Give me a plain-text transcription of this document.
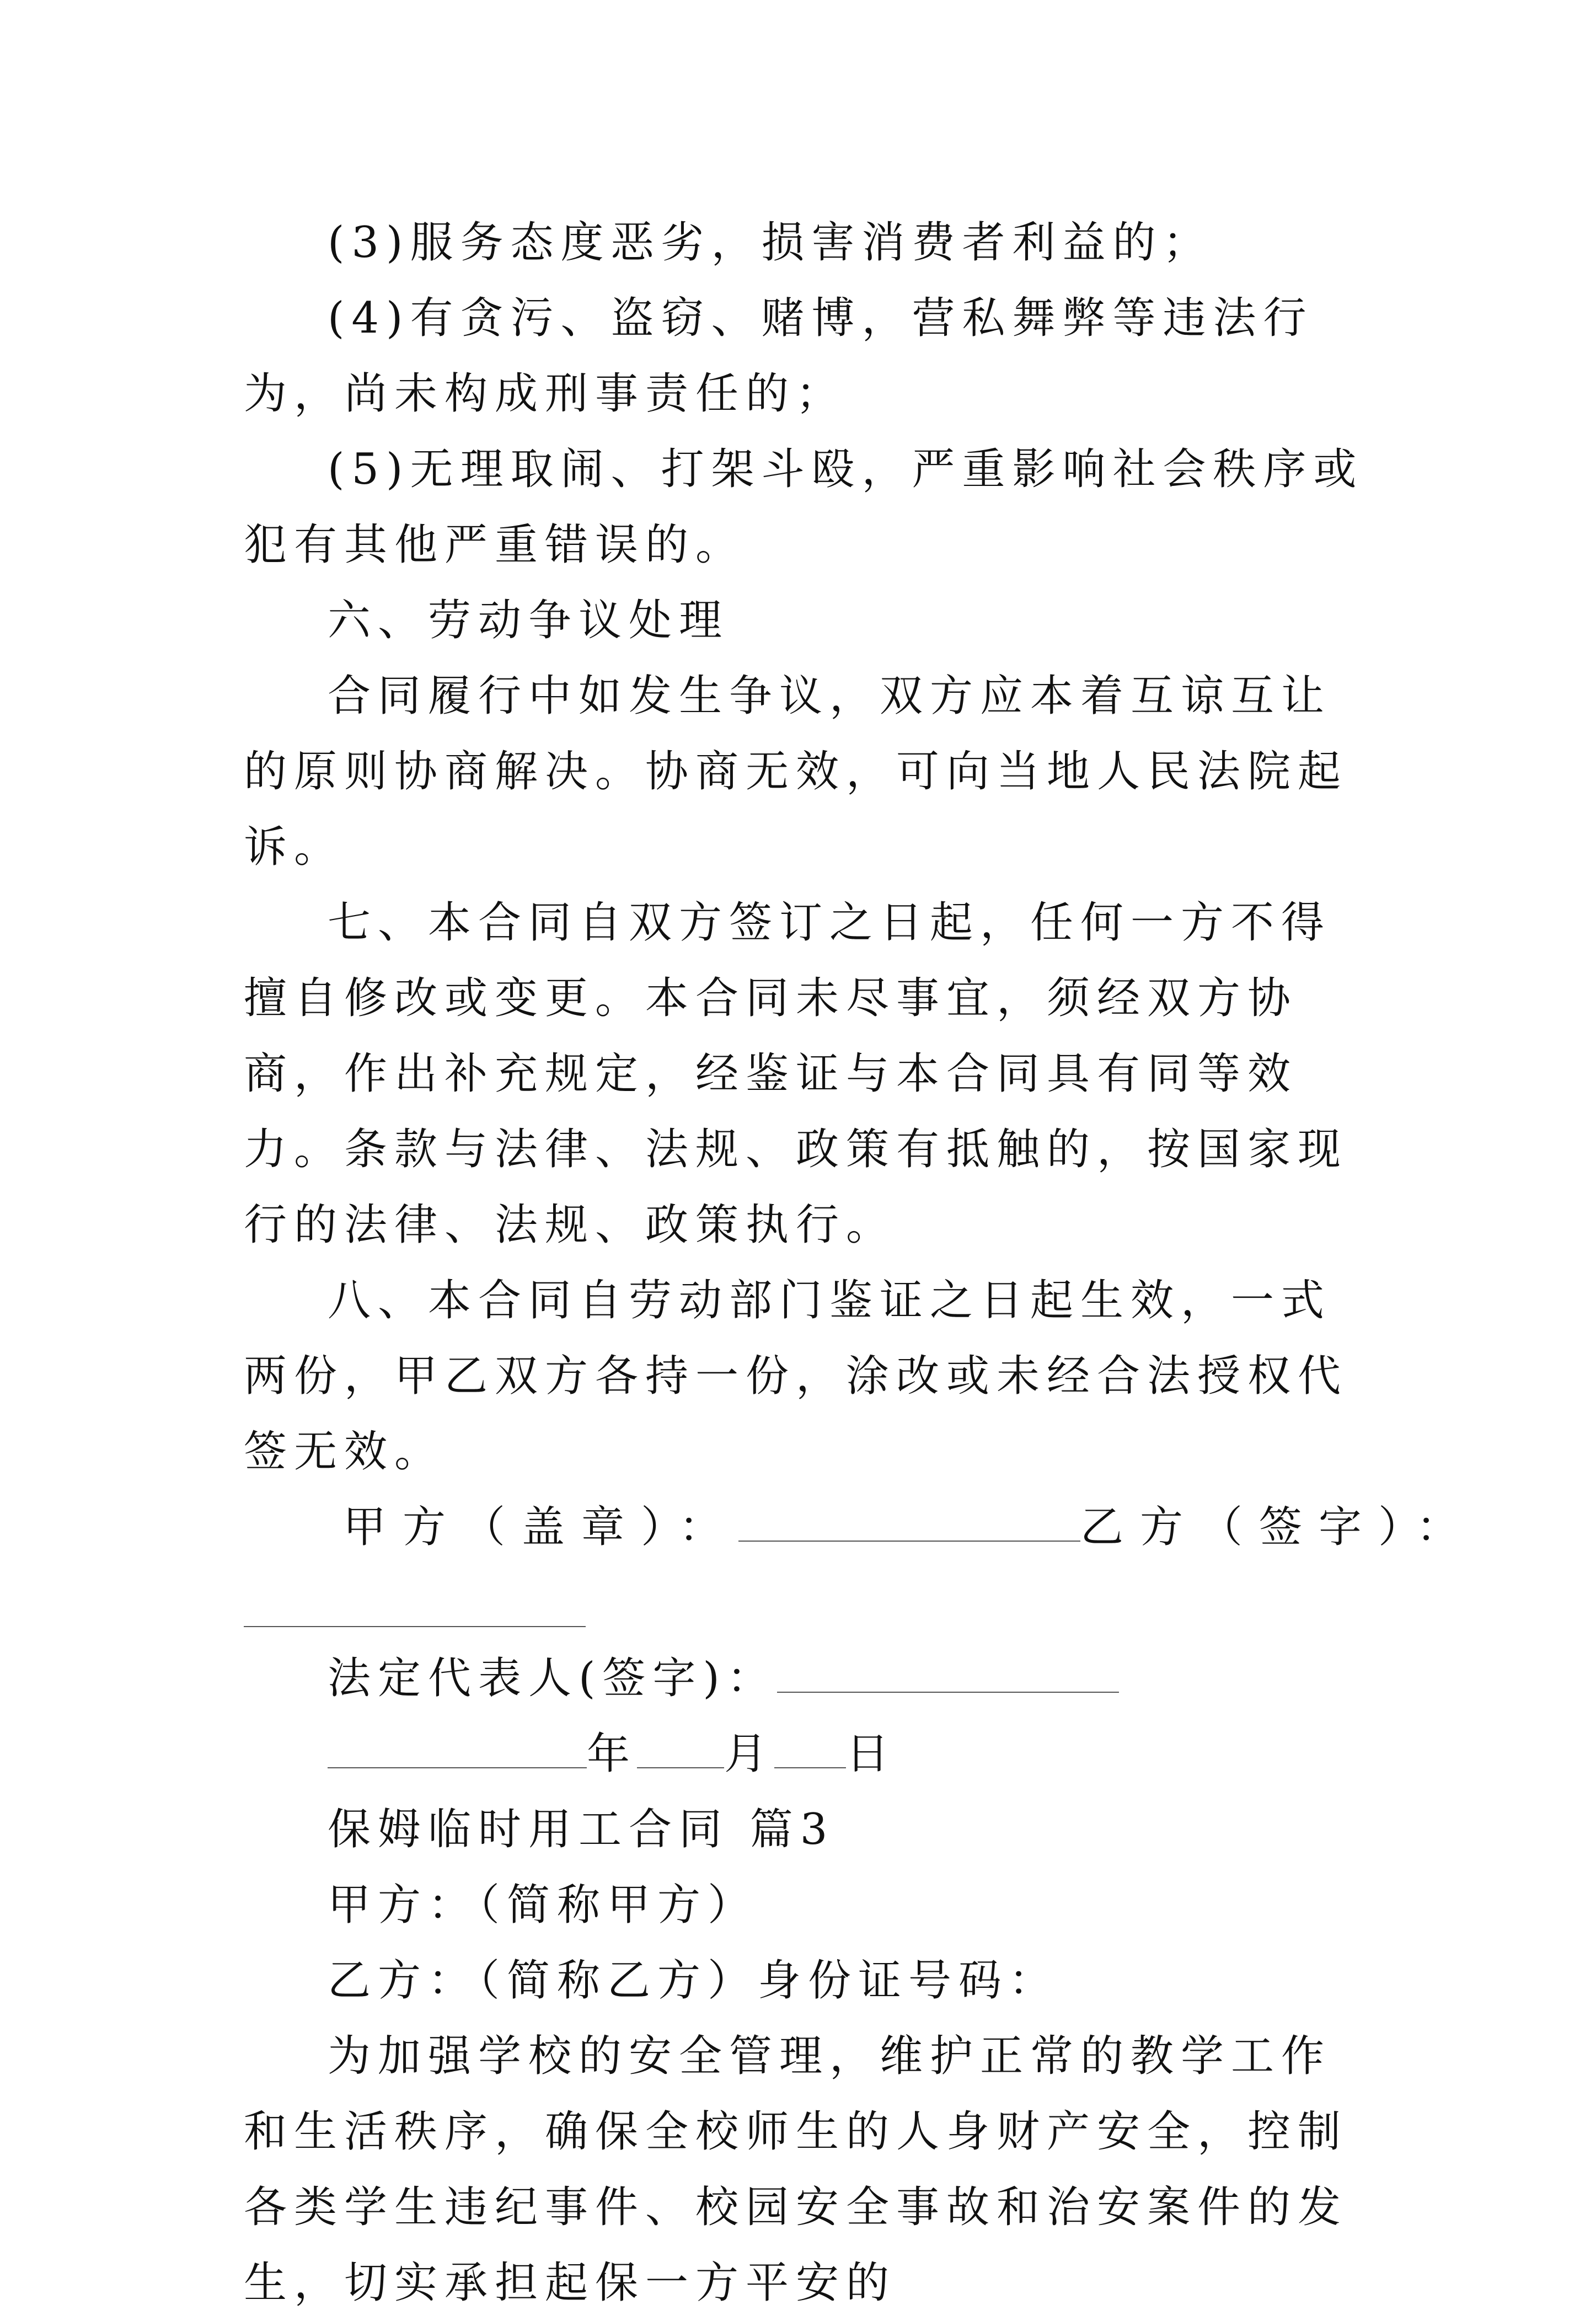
(3)服务态度恶劣，损害消费者利益的；

(4)有贪污、盗窃、赌博，营私舞弊等违法行为，尚未构成刑事责任的；

(5)无理取闹、打架斗殴，严重影响社会秩序或犯有其他严重错误的。

六、劳动争议处理

合同履行中如发生争议，双方应本着互谅互让的原则协商解决。协商无效，可向当地人民法院起诉。

七、本合同自双方签订之日起，任何一方不得擅自修改或变更。本合同未尽事宜，须经双方协商，作出补充规定，经鉴证与本合同具有同等效力。条款与法律、法规、政策有抵触的，按国家现行的法律、法规、政策执行。

八、本合同自劳动部门鉴证之日起生效，一式两份，甲乙双方各持一份，涂改或未经合法授权代签无效。

甲方（盖章）：	乙方（签字）：
法定代表人(签字)：
年 月 日

保姆临时用工合同 篇3

甲方：（简称甲方）

乙方：（简称乙方）身份证号码：

为加强学校的安全管理，维护正常的教学工作和生活秩序，确保全校师生的人身财产安全，控制各类学生违纪事件、校园安全事故和治安案件的发生，切实承担起保一方平安的
